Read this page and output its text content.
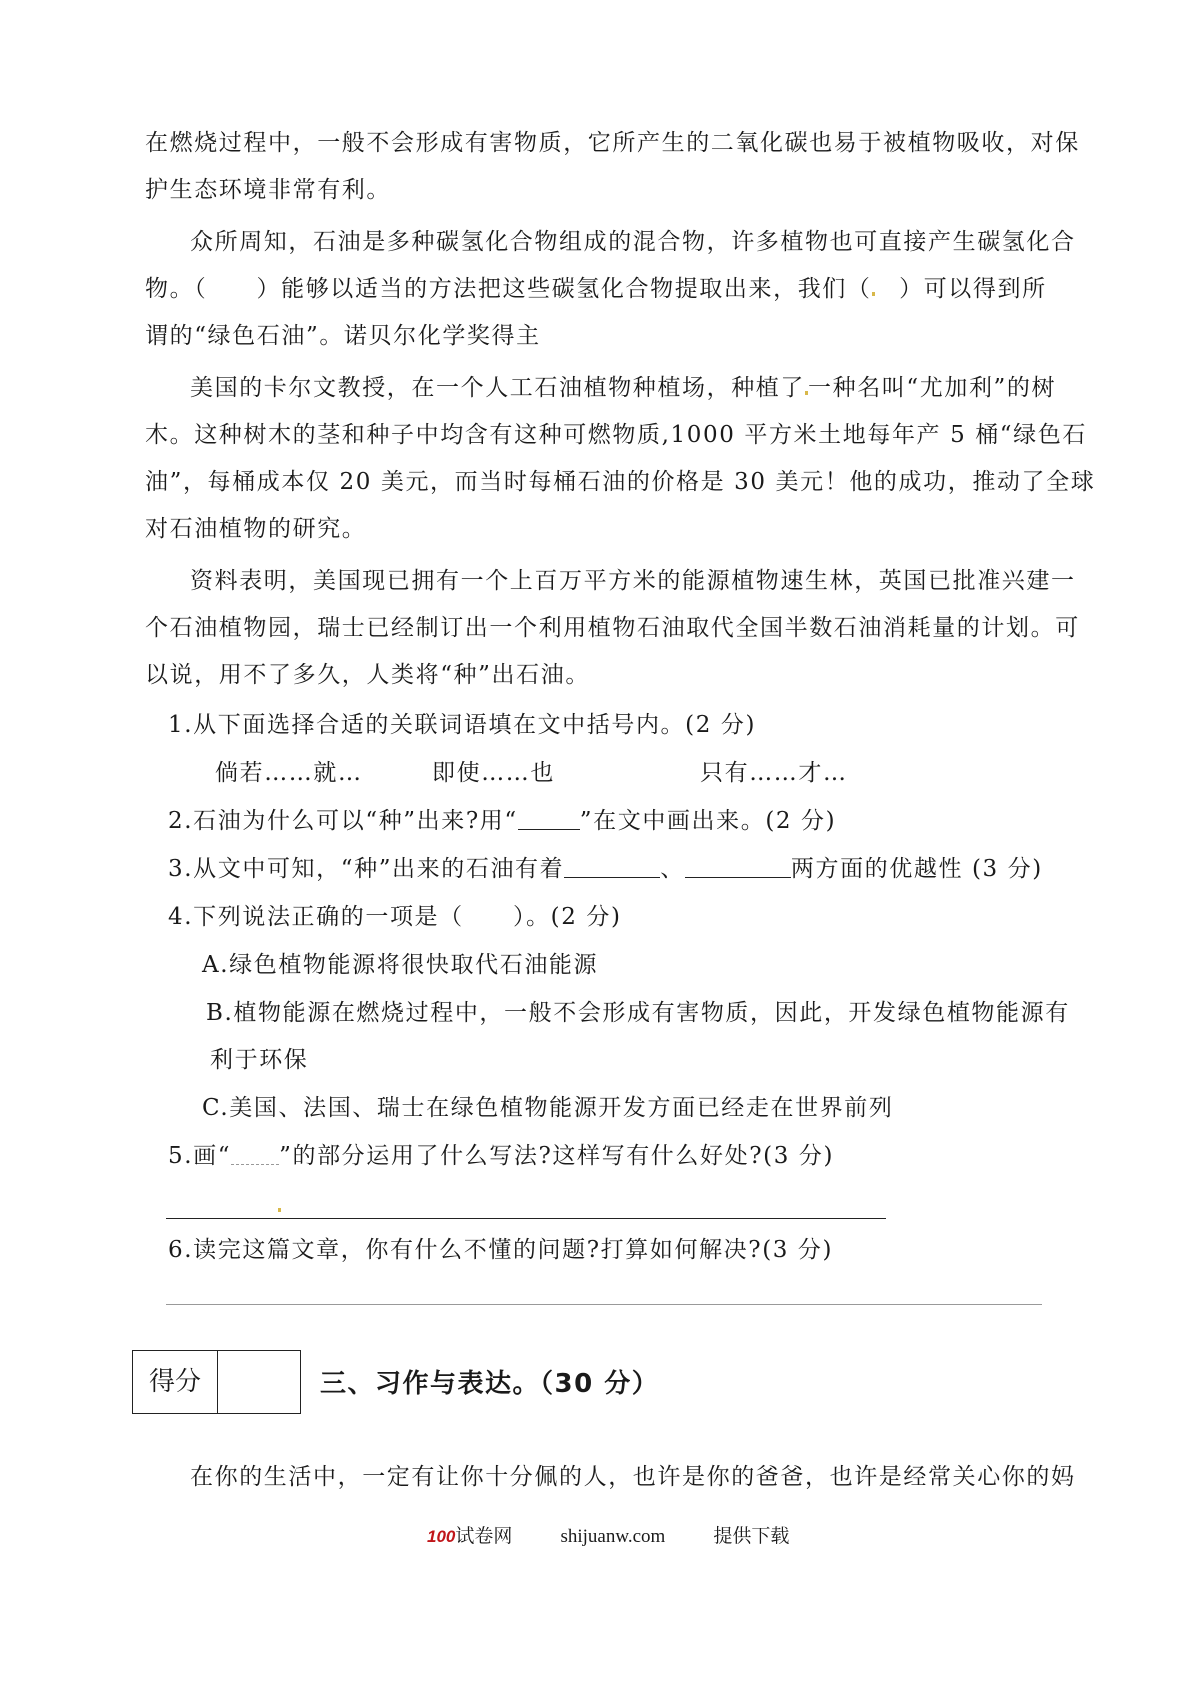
在燃烧过程中，一般不会形成有害物质，它所产生的二氧化碳也易于被植物吸收，对保
护生态环境非常有利。
众所周知，石油是多种碳氢化合物组成的混合物，许多植物也可直接产生碳氢化合
物。（　　）能够以适当的方法把这些碳氢化合物提取出来，我们（　）可以得到所
谓的“绿色石油”。诺贝尔化学奖得主
美国的卡尔文教授，在一个人工石油植物种植场，种植了 一种名叫“尤加利”的树
木。这种树木的茎和种子中均含有这种可燃物质,1000 平方米土地每年产 5 桶“绿色石
油”，每桶成本仅 20 美元，而当时每桶石油的价格是 30 美元！他的成功，推动了全球
对石油植物的研究。
资料表明，美国现已拥有一个上百万平方米的能源植物速生林，英国已批准兴建一
个石油植物园，瑞士已经制订出一个利用植物石油取代全国半数石油消耗量的计划。可
以说，用不了多久，人类将“种”出石油。
1.从下面选择合适的关联词语填在文中括号内。(2 分)
倘若……就…	即使……也	只有……才…
2.石油为什么可以“种”出来?用“	”在文中画出来。(2 分)
3.从文中可知，“种”出来的石油有着	、	两方面的优越性 (3 分)
4.下列说法正确的一项是（　　）。(2 分)
A.绿色植物能源将很快取代石油能源
B.植物能源在燃烧过程中，一般不会形成有害物质，因此，开发绿色植物能源有
利于环保
C.美国、法国、瑞士在绿色植物能源开发方面已经走在世界前列
5.画“ ”的部分运用了什么写法?这样写有什么好处?(3 分)
6.读完这篇文章，你有什么不懂的问题?打算如何解决?(3 分)
得分	三、习作与表达。（30 分）
在你的生活中，一定有让你十分佩的人，也许是你的爸爸，也许是经常关心你的妈
100试卷网	shijuanw.com	提供下载
